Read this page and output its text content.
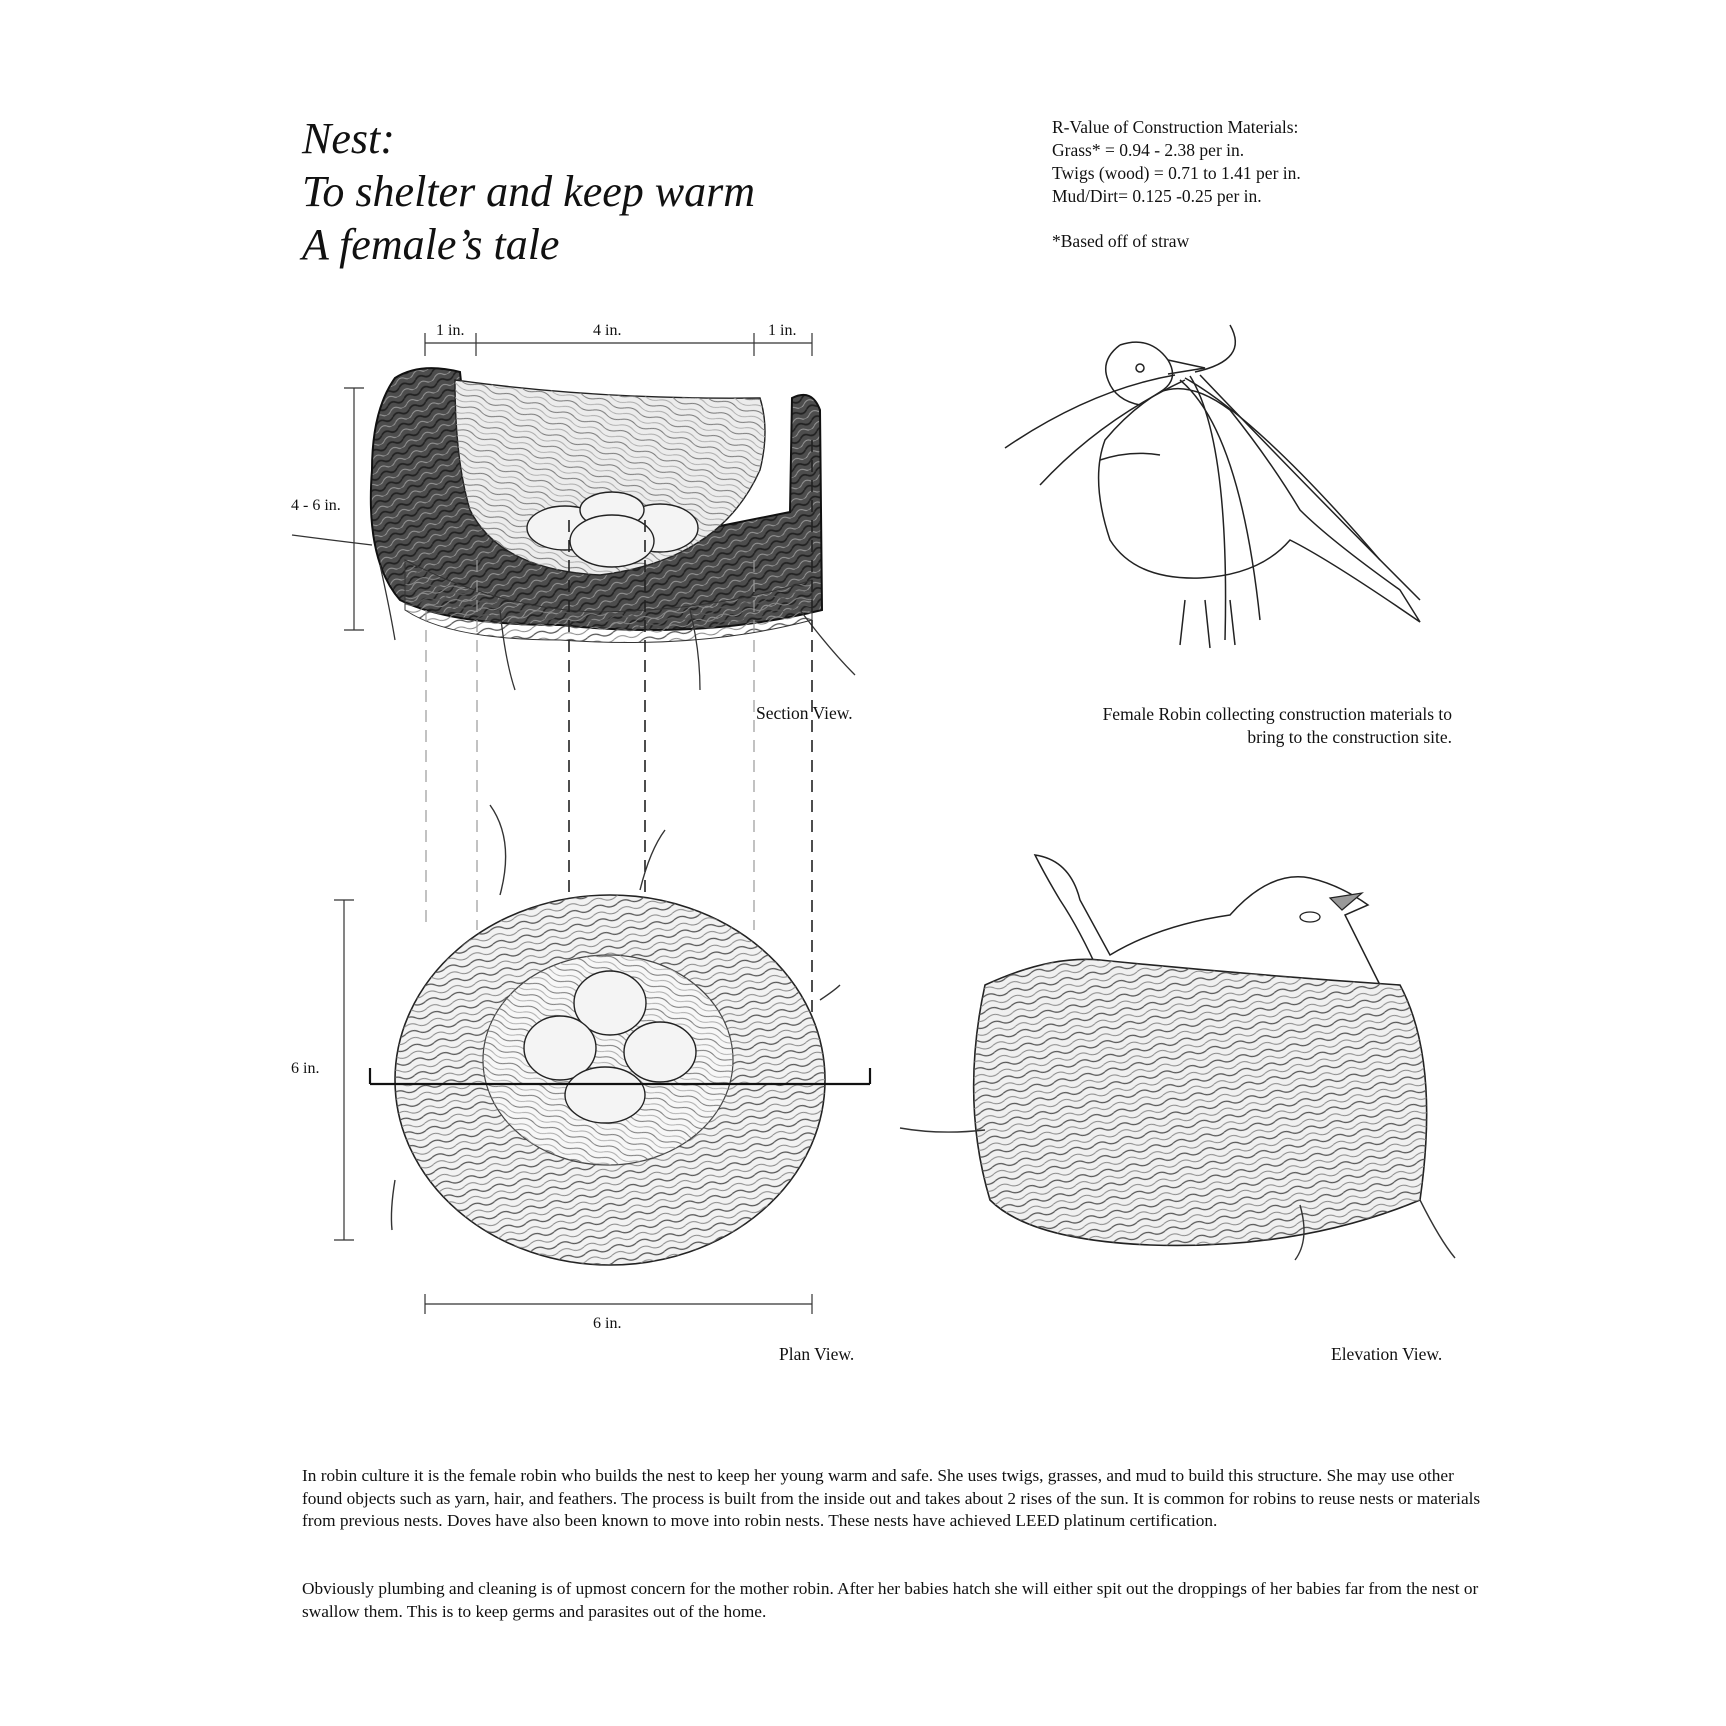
Nest:
To shelter and keep warm
A female’s tale
R-Value of Construction Materials:
Grass* = 0.94 - 2.38 per in.
Twigs (wood) = 0.71 to 1.41 per in.
Mud/Dirt= 0.125 -0.25 per in.
*Based off of straw
1 in.	4 in.	1 in.
4 - 6 in.
Section View.
6 in.
6 in.
Plan View.
Female Robin collecting construction materials to
bring to the construction site.
Elevation View.
In robin culture it is the female robin who builds the nest to keep her young warm and safe. She uses twigs, grasses, and mud to build this structure. She may use other found objects such as yarn, hair, and feathers. The process is built from the inside out and takes about 2 rises of the sun. It is common for robins to reuse nests or materials from previous nests. Doves have also been known to move into robin nests. These nests have achieved LEED platinum certification.
Obviously plumbing and cleaning is of upmost concern for the mother robin. After her babies hatch she will either spit out the droppings of her babies far from the nest or swallow them. This is to keep germs and parasites out of the home.
